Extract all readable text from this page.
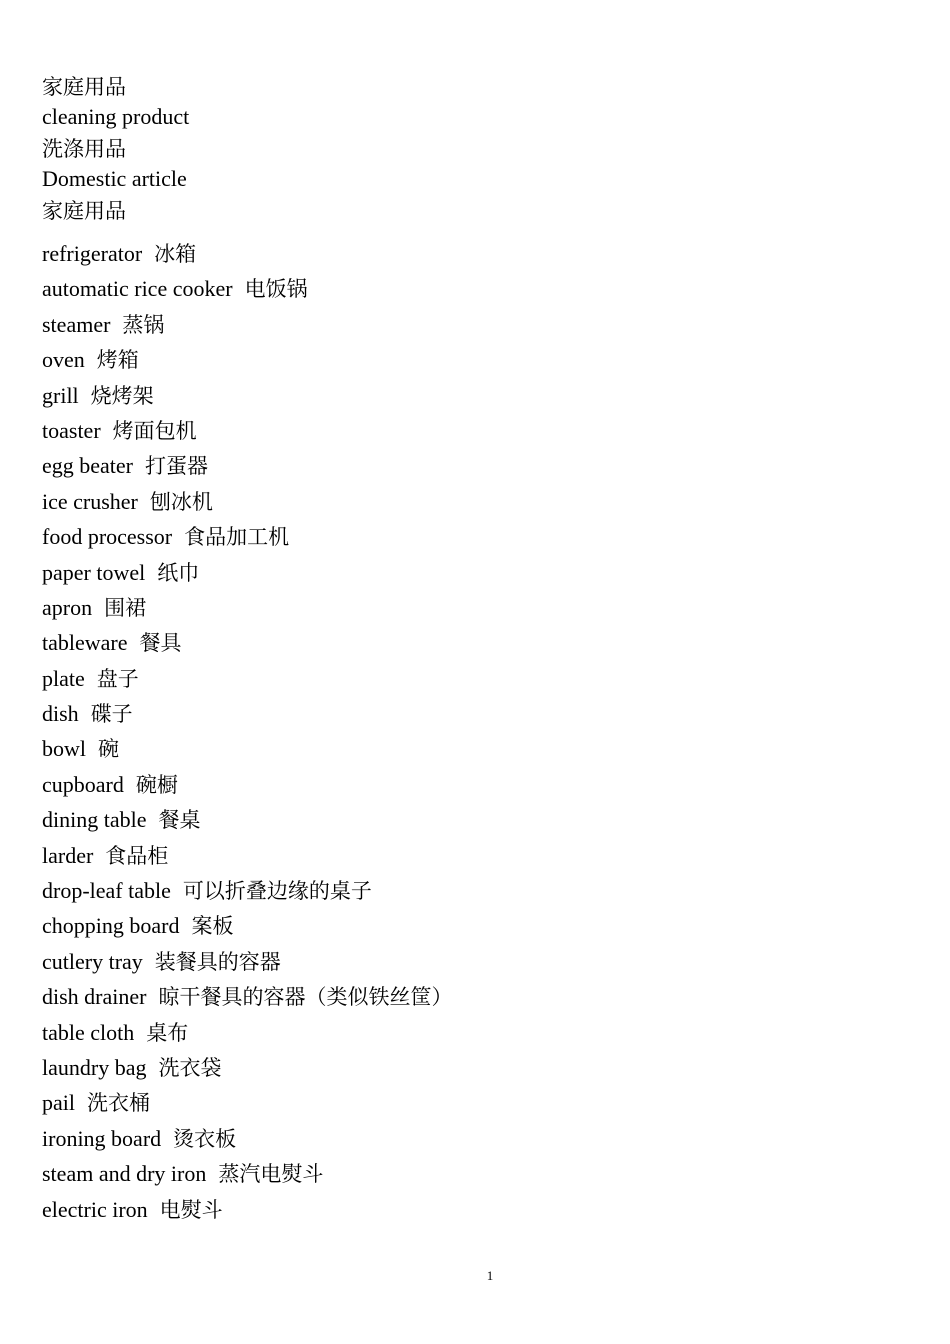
家庭用品
cleaning product
洗涤用品
Domestic article
家庭用品
refrigerator 冰箱
automatic rice cooker 电饭锅
steamer 蒸锅
oven 烤箱
grill 烧烤架
toaster 烤面包机
egg beater 打蛋器
ice crusher 刨冰机
food processor 食品加工机
paper towel 纸巾
apron 围裙
tableware 餐具
plate 盘子
dish 碟子
bowl 碗
cupboard 碗橱
dining table 餐桌
larder 食品柜
drop-leaf table 可以折叠边缘的桌子
chopping board 案板
cutlery tray 装餐具的容器
dish drainer 晾干餐具的容器（类似铁丝筐）
table cloth 桌布
laundry bag 洗衣袋
pail 洗衣桶
ironing board 烫衣板
steam and dry iron 蒸汽电熨斗
electric iron 电熨斗
1
